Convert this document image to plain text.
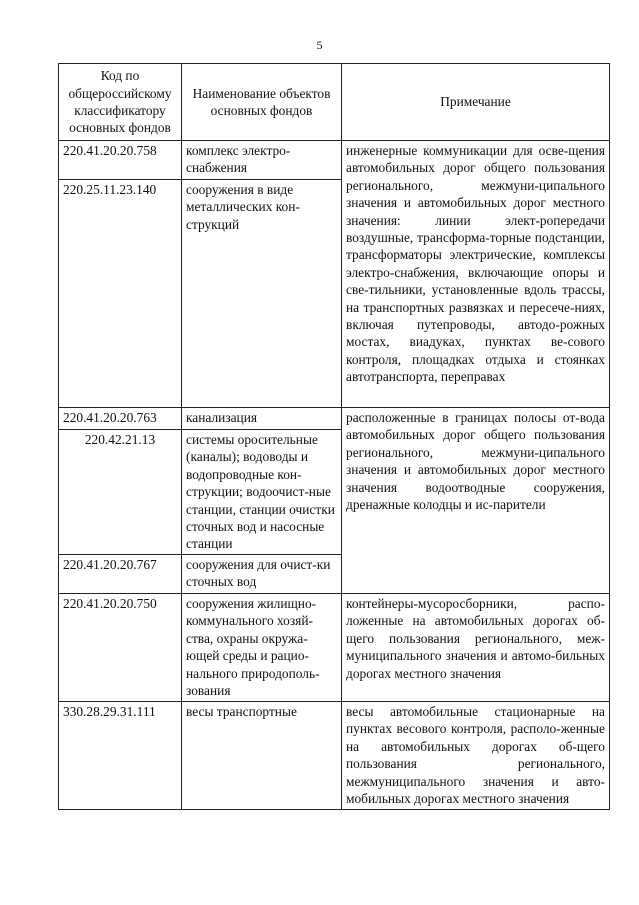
5
Код по общероссийскому классификатору основных фондов	Наименование объектов основных фондов	Примечание
220.41.20.20.758	комплекс электро-снабжения	инженерные коммуникации для осве-щения автомобильных дорог общего пользования регионального, межмуни-ципального значения и автомобильных дорог местного значения: линии элект-ропередачи воздушные, трансформа-торные подстанции, трансформаторы электрические, комплексы электро-снабжения, включающие опоры и све-тильники, установленные вдоль трассы, на транспортных развязках и пересече-ниях, включая путепроводы, автодо-рожных мостах, виадуках, пунктах ве-сового контроля, площадках отдыха и стоянках автотранспорта, переправах
220.25.11.23.140	сооружения в виде металлических кон-струкций	
220.41.20.20.763	канализация	расположенные в границах полосы от-вода автомобильных дорог общего пользования регионального, межмуни-ципального значения и автомобильных дорог местного значения водоотводные сооружения, дренажные колодцы и ис-парители
220.42.21.13	системы оросительные (каналы); водоводы и водопроводные кон-струкции; водоочист-ные станции, станции очистки сточных вод и насосные станции	
220.41.20.20.767	сооружения для очист-ки сточных вод	
220.41.20.20.750	сооружения жилищно-коммунального хозяй-ства, охраны окружа-ющей среды и рацио-нального природополь-зования	контейнеры-мусоросборники, распо-ложенные на автомобильных дорогах об-щего пользования регионального, меж-муниципального значения и автомо-бильных дорогах местного значения
330.28.29.31.111	весы транспортные	весы автомобильные стационарные на пунктах весового контроля, располо-женные на автомобильных дорогах об-щего пользования регионального, межмуниципального значения и авто-мобильных дорогах местного значения
